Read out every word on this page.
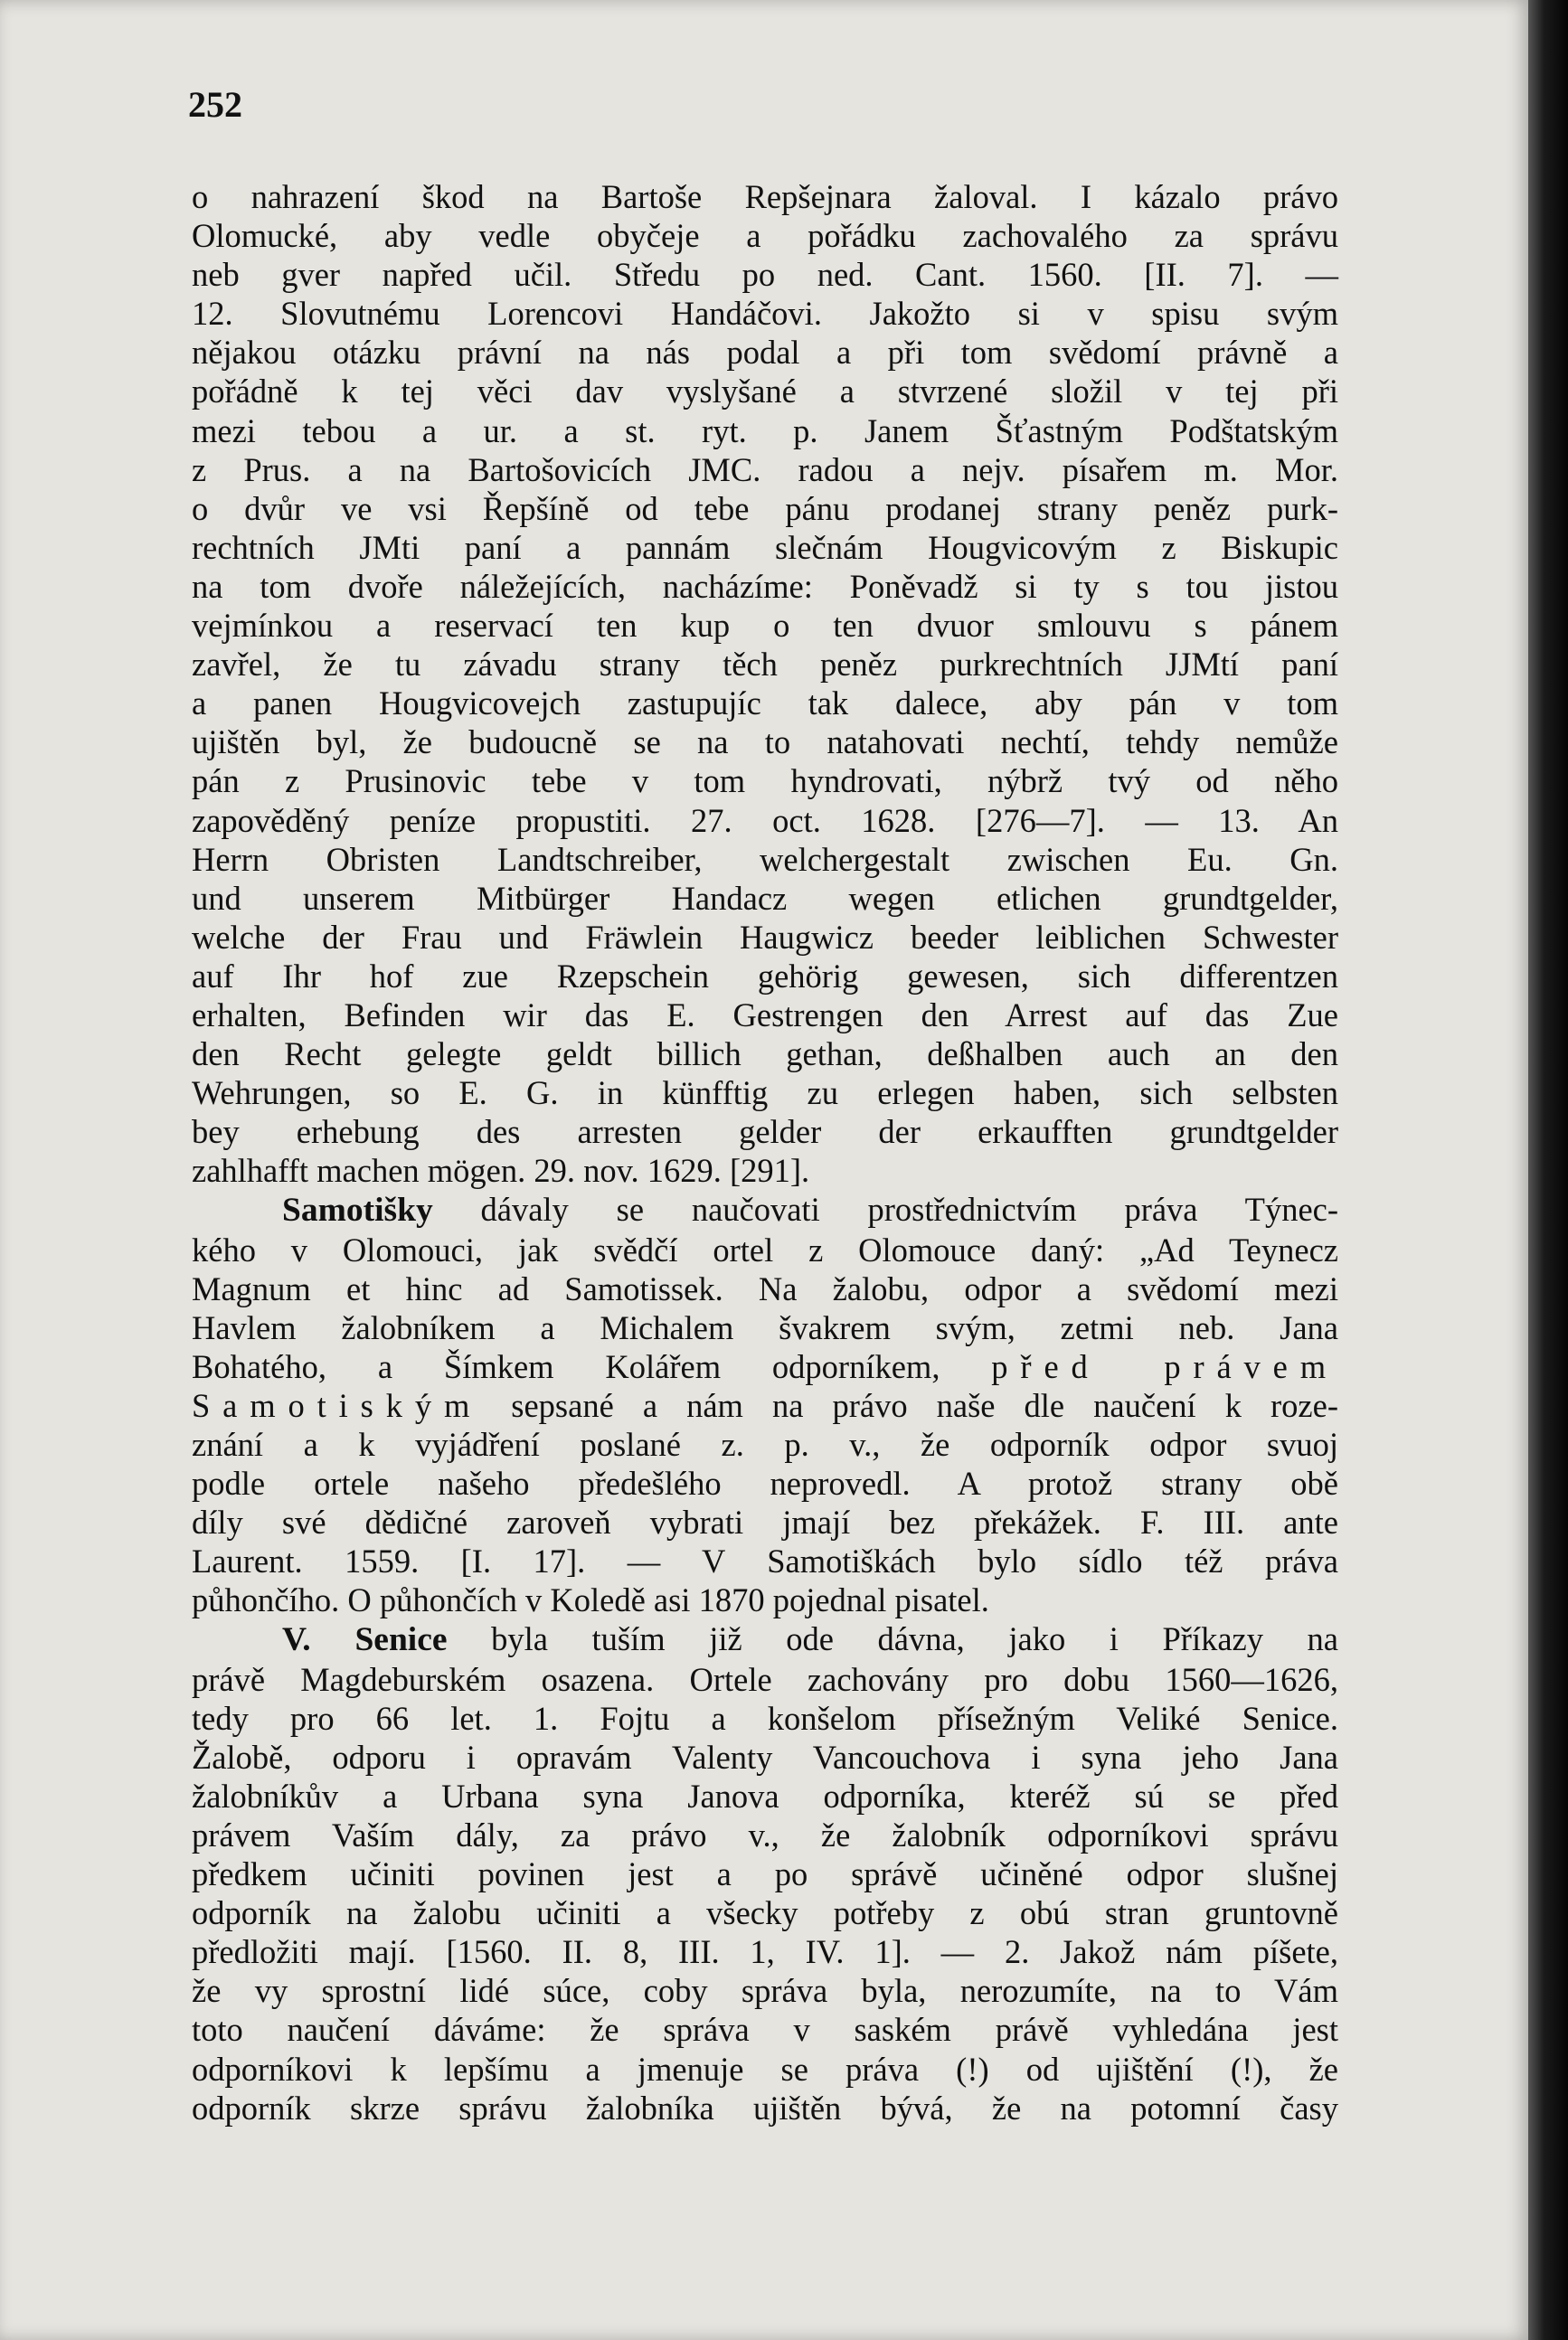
252
o nahrazení škod na Bartoše Repšejnara žaloval. I kázalo právo
Olomucké, aby vedle obyčeje a pořádku zachovalého za správu
neb gver napřed učil. Středu po ned. Cant. 1560. [II. 7]. —
12. Slovutnému Lorencovi Handáčovi. Jakožto si v spisu svým
nějakou otázku právní na nás podal a při tom svědomí právně a
pořádně k tej věci dav vyslyšané a stvrzené složil v tej při
mezi tebou a ur. a st. ryt. p. Janem Šťastným Podštatským
z Prus. a na Bartošovicích JMC. radou a nejv. písařem m. Mor.
o dvůr ve vsi Řepšíně od tebe pánu prodanej strany peněz purk-
rechtních JMti paní a pannám slečnám Hougvicovým z Biskupic
na tom dvoře náležejících, nacházíme: Poněvadž si ty s tou jistou
vejmínkou a reservací ten kup o ten dvuor smlouvu s pánem
zavřel, že tu závadu strany těch peněz purkrechtních JJMtí paní
a panen Hougvicovejch zastupujíc tak dalece, aby pán v tom
ujištěn byl, že budoucně se na to natahovati nechtí, tehdy nemůže
pán z Prusinovic tebe v tom hyndrovati, nýbrž tvý od něho
zapověděný peníze propustiti. 27. oct. 1628. [276—7]. — 13. An
Herrn Obristen Landtschreiber, welchergestalt zwischen Eu. Gn.
und unserem Mitbürger Handacz wegen etlichen grundtgelder,
welche der Frau und Fräwlein Haugwicz beeder leiblichen Schwester
auf Ihr hof zue Rzepschein gehörig gewesen, sich differentzen
erhalten, Befinden wir das E. Gestrengen den Arrest auf das Zue
den Recht gelegte geldt billich gethan, deßhalben auch an den
Wehrungen, so E. G. in künfftig zu erlegen haben, sich selbsten
bey erhebung des arresten gelder der erkaufften grundtgelder
zahlhafft machen mögen. 29. nov. 1629. [291].
Samotišky dávaly se naučovati prostřednictvím práva Týnec-
kého v Olomouci, jak svědčí ortel z Olomouce daný: „Ad Teynecz
Magnum et hinc ad Samotissek. Na žalobu, odpor a svědomí mezi
Havlem žalobníkem a Michalem švakrem svým, zetmi neb. Jana
Bohatého, a Šímkem Kolářem odporníkem, před právem
Samotiským sepsané a nám na právo naše dle naučení k roze-
znání a k vyjádření poslané z. p. v., že odporník odpor svuoj
podle ortele našeho předešlého neprovedl. A protož strany obě
díly své dědičné zaroveň vybrati jmají bez překážek. F. III. ante
Laurent. 1559. [I. 17]. — V Samotiškách bylo sídlo též práva
půhončího. O půhončích v Koledě asi 1870 pojednal pisatel.
V. Senice byla tuším již ode dávna, jako i Příkazy na
právě Magdeburském osazena. Ortele zachovány pro dobu 1560—1626,
tedy pro 66 let. 1. Fojtu a konšelom přísežným Veliké Senice.
Žalobě, odporu i opravám Valenty Vancouchova i syna jeho Jana
žalobníkův a Urbana syna Janova odporníka, kteréž sú se před
právem Vaším dály, za právo v., že žalobník odporníkovi správu
předkem učiniti povinen jest a po správě učiněné odpor slušnej
odporník na žalobu učiniti a všecky potřeby z obú stran gruntovně
předložiti mají. [1560. II. 8, III. 1, IV. 1]. — 2. Jakož nám píšete,
že vy sprostní lidé súce, coby správa byla, nerozumíte, na to Vám
toto naučení dáváme: že správa v saském právě vyhledána jest
odporníkovi k lepšímu a jmenuje se práva (!) od ujištění (!), že
odporník skrze správu žalobníka ujištěn bývá, že na potomní časy
